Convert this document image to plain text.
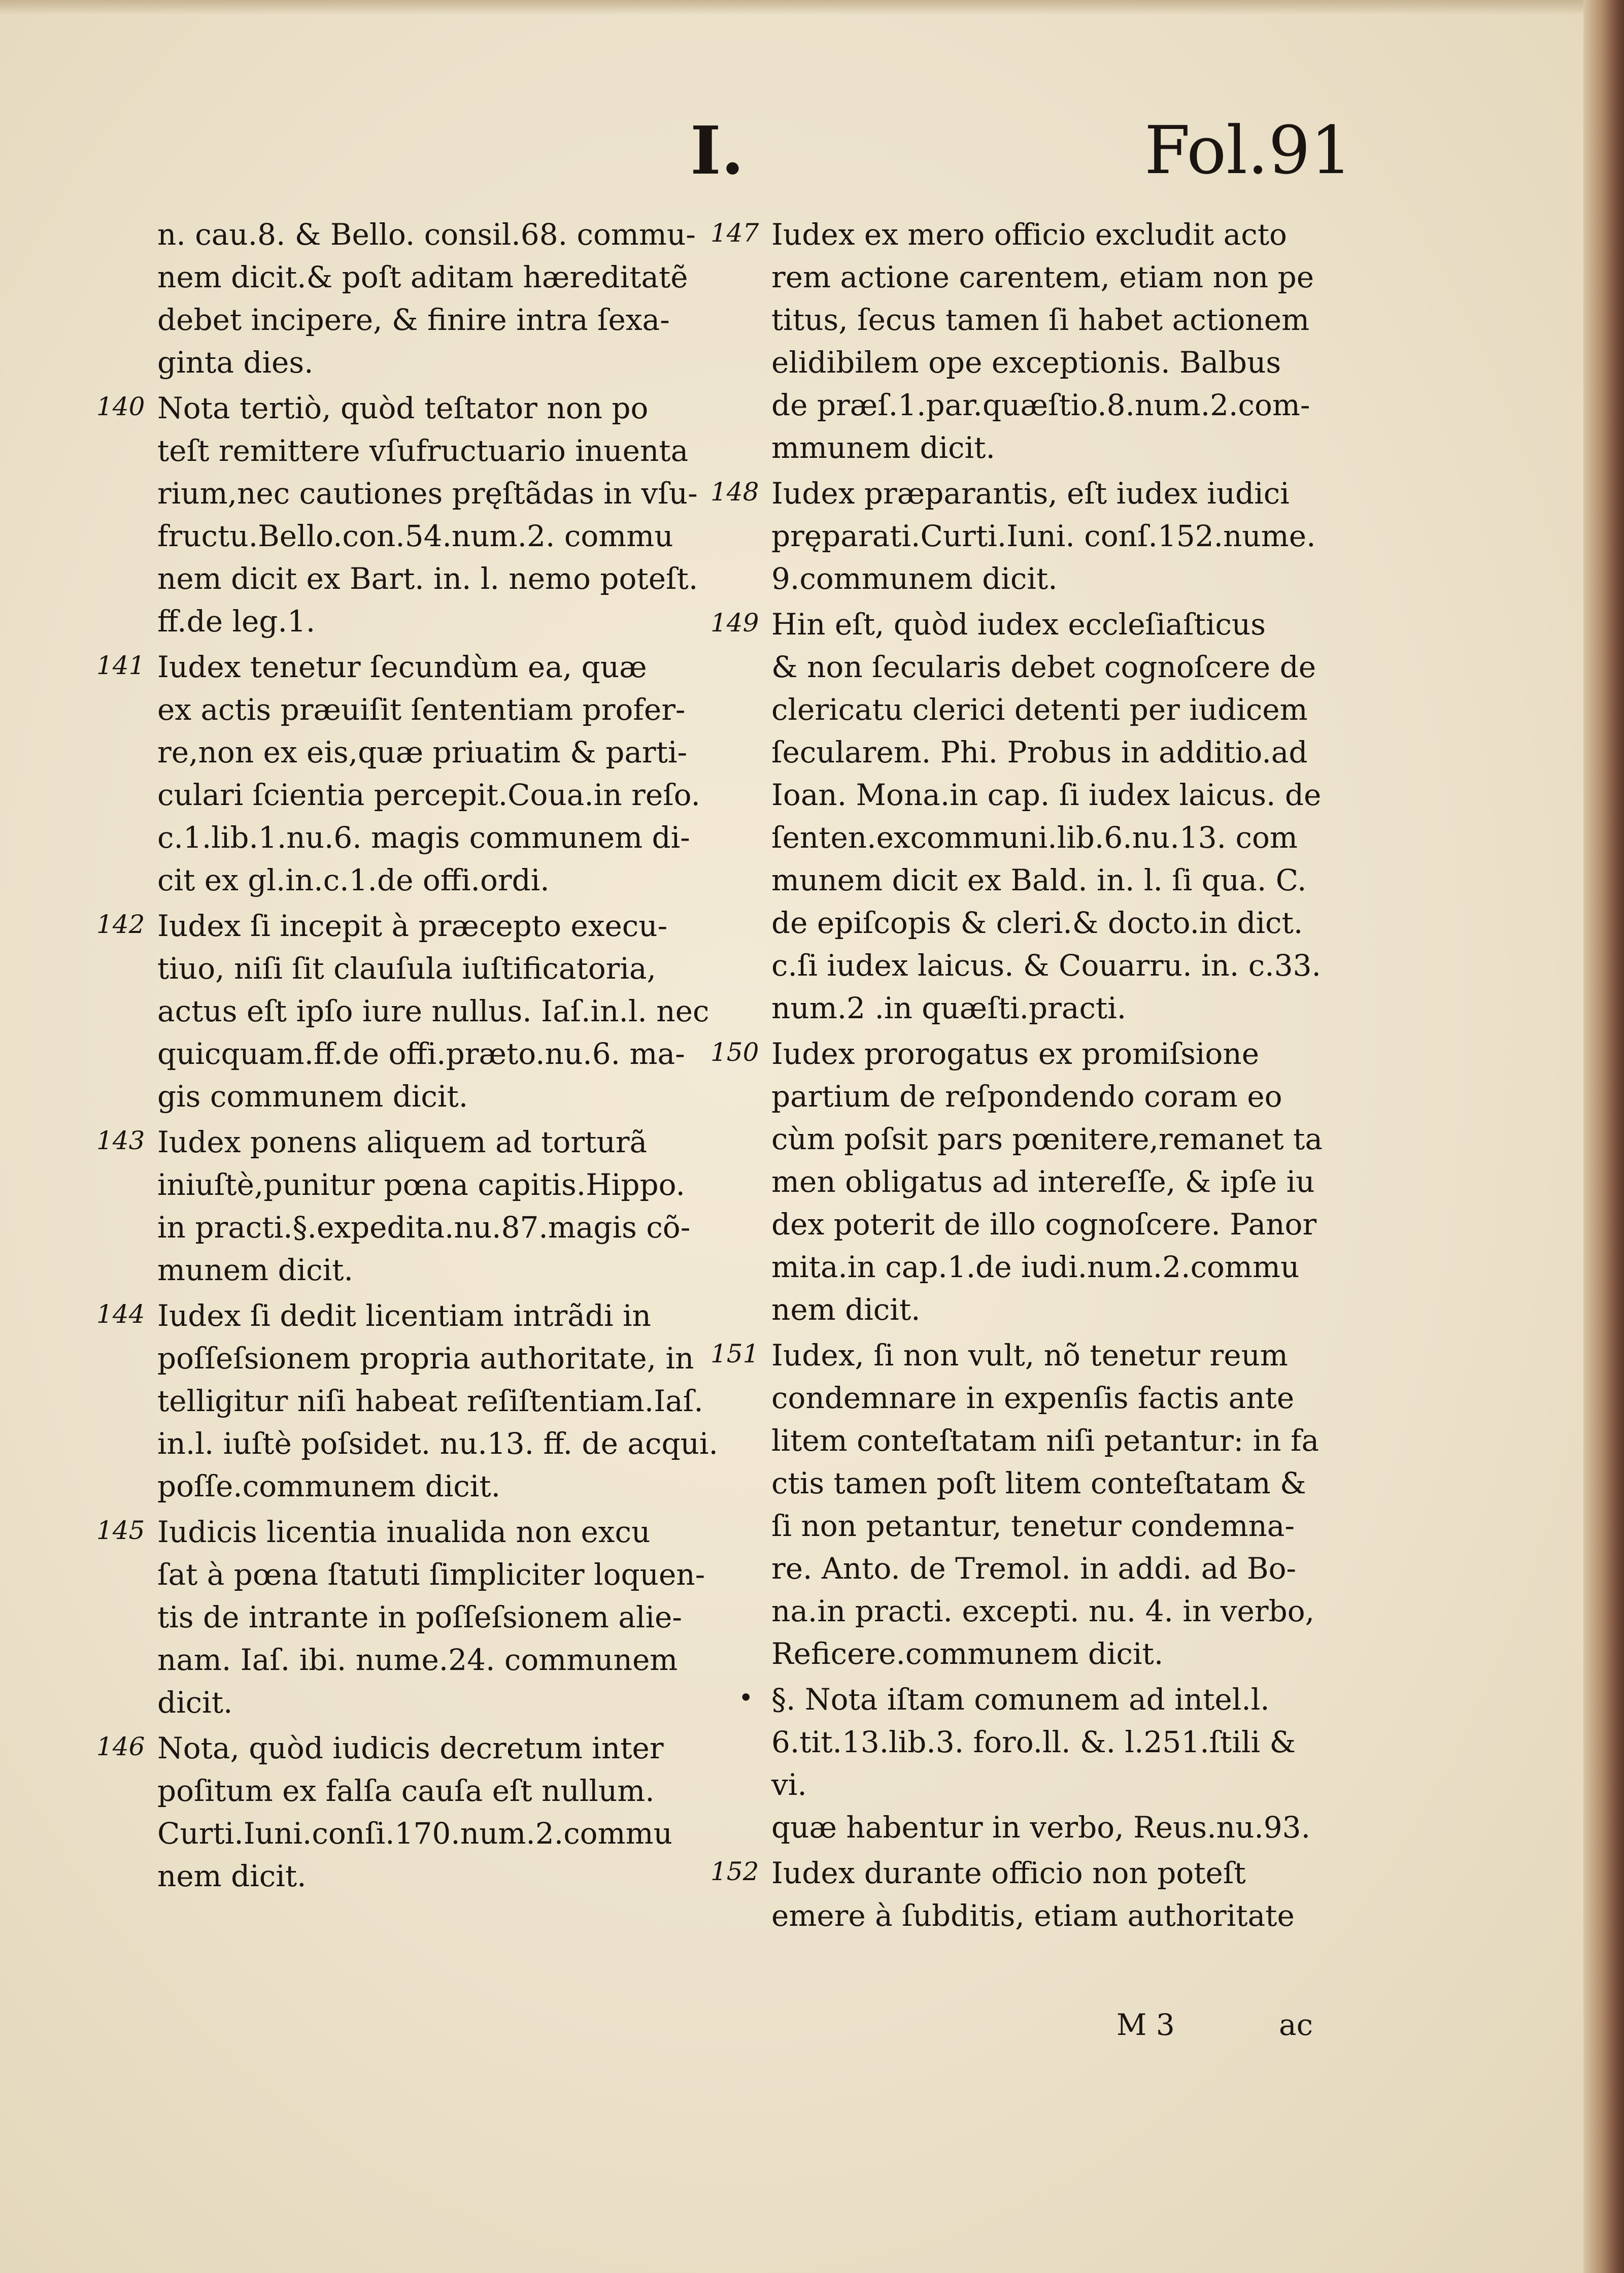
I.	Fol.91
n. cau.8. & Bello. consil.68. commu-
nem dicit.& poſt aditam hæreditatẽ
debet incipere, & finire intra ſexa-
ginta dies.
140 Nota tertiò, quòd teſtator non po
teſt remittere vſufructuario inuenta
rium,nec cautiones pręſtãdas in vſu-
fructu.Bello.con.54.num.2. commu
nem dicit ex Bart. in. l. nemo poteſt.
ff.de leg.1.
141 Iudex tenetur ſecundùm ea, quæ
ex actis præuiſit ſententiam profer-
re,non ex eis,quæ priuatim & parti-
culari ſcientia percepit.Coua.in reſo.
c.1.lib.1.nu.6. magis communem di-
cit ex gl.in.c.1.de offi.ordi.
142 Iudex ſi incepit à præcepto execu-
tiuo, niſi ſit clauſula iuſtificatoria,
actus eſt ipſo iure nullus. Iaſ.in.l. nec
quicquam.ff.de offi.præto.nu.6. ma-
gis communem dicit.
143 Iudex ponens aliquem ad torturã
iniuſtè,punitur pœna capitis.Hippo.
in practi.§.expedita.nu.87.magis cõ-
munem dicit.
144 Iudex ſi dedit licentiam intrãdi in
poſſeſsionem propria authoritate, in
telligitur niſi habeat reſiſtentiam.Iaſ.
in.l. iuſtè poſsidet. nu.13. ff. de acqui.
poſſe.communem dicit.
145 Iudicis licentia inualida non excu
ſat à pœna ſtatuti ſimpliciter loquen-
tis de intrante in poſſeſsionem alie-
nam. Iaſ. ibi. nume.24. communem
dicit.
146 Nota, quòd iudicis decretum inter
poſitum ex falſa cauſa eſt nullum.
Curti.Iuni.conſi.170.num.2.commu
nem dicit.
147 Iudex ex mero officio excludit acto
rem actione carentem, etiam non pe
titus, ſecus tamen ſi habet actionem
elidibilem ope exceptionis. Balbus
de præſ.1.par.quæſtio.8.num.2.com-
mmunem dicit.
148 Iudex præparantis, eſt iudex iudici
pręparati.Curti.Iuni. conſ.152.nume.
9.communem dicit.
149 Hin eſt, quòd iudex eccleſiaſticus
& non ſecularis debet cognoſcere de
clericatu clerici detenti per iudicem
ſecularem. Phi. Probus in additio.ad
Ioan. Mona.in cap. ſi iudex laicus. de
ſenten.excommuni.lib.6.nu.13. com
munem dicit ex Bald. in. l. ſi qua. C.
de epiſcopis & cleri.& docto.in dict.
c.ſi iudex laicus. & Couarru. in. c.33.
num.2 .in quæſti.practi.
150 Iudex prorogatus ex promiſsione
partium de reſpondendo coram eo
cùm poſsit pars pœnitere,remanet ta
men obligatus ad intereſſe, & ipſe iu
dex poterit de illo cognoſcere. Panor
mita.in cap.1.de iudi.num.2.commu
nem dicit.
151 Iudex, ſi non vult, nõ tenetur reum
condemnare in expenſis factis ante
litem conteſtatam niſi petantur: in fa
ctis tamen poſt litem conteſtatam &
ſi non petantur, tenetur condemna-
re. Anto. de Tremol. in addi. ad Bo-
na.in practi. excepti. nu. 4. in verbo,
Reficere.communem dicit.
• §. Nota iſtam comunem ad intel.l.
6.tit.13.lib.3. foro.ll. &. l.251.ſtili & vi.
quæ habentur in verbo, Reus.nu.93.
152 Iudex durante officio non poteſt
emere à ſubditis, etiam authoritate
M 3	ac
